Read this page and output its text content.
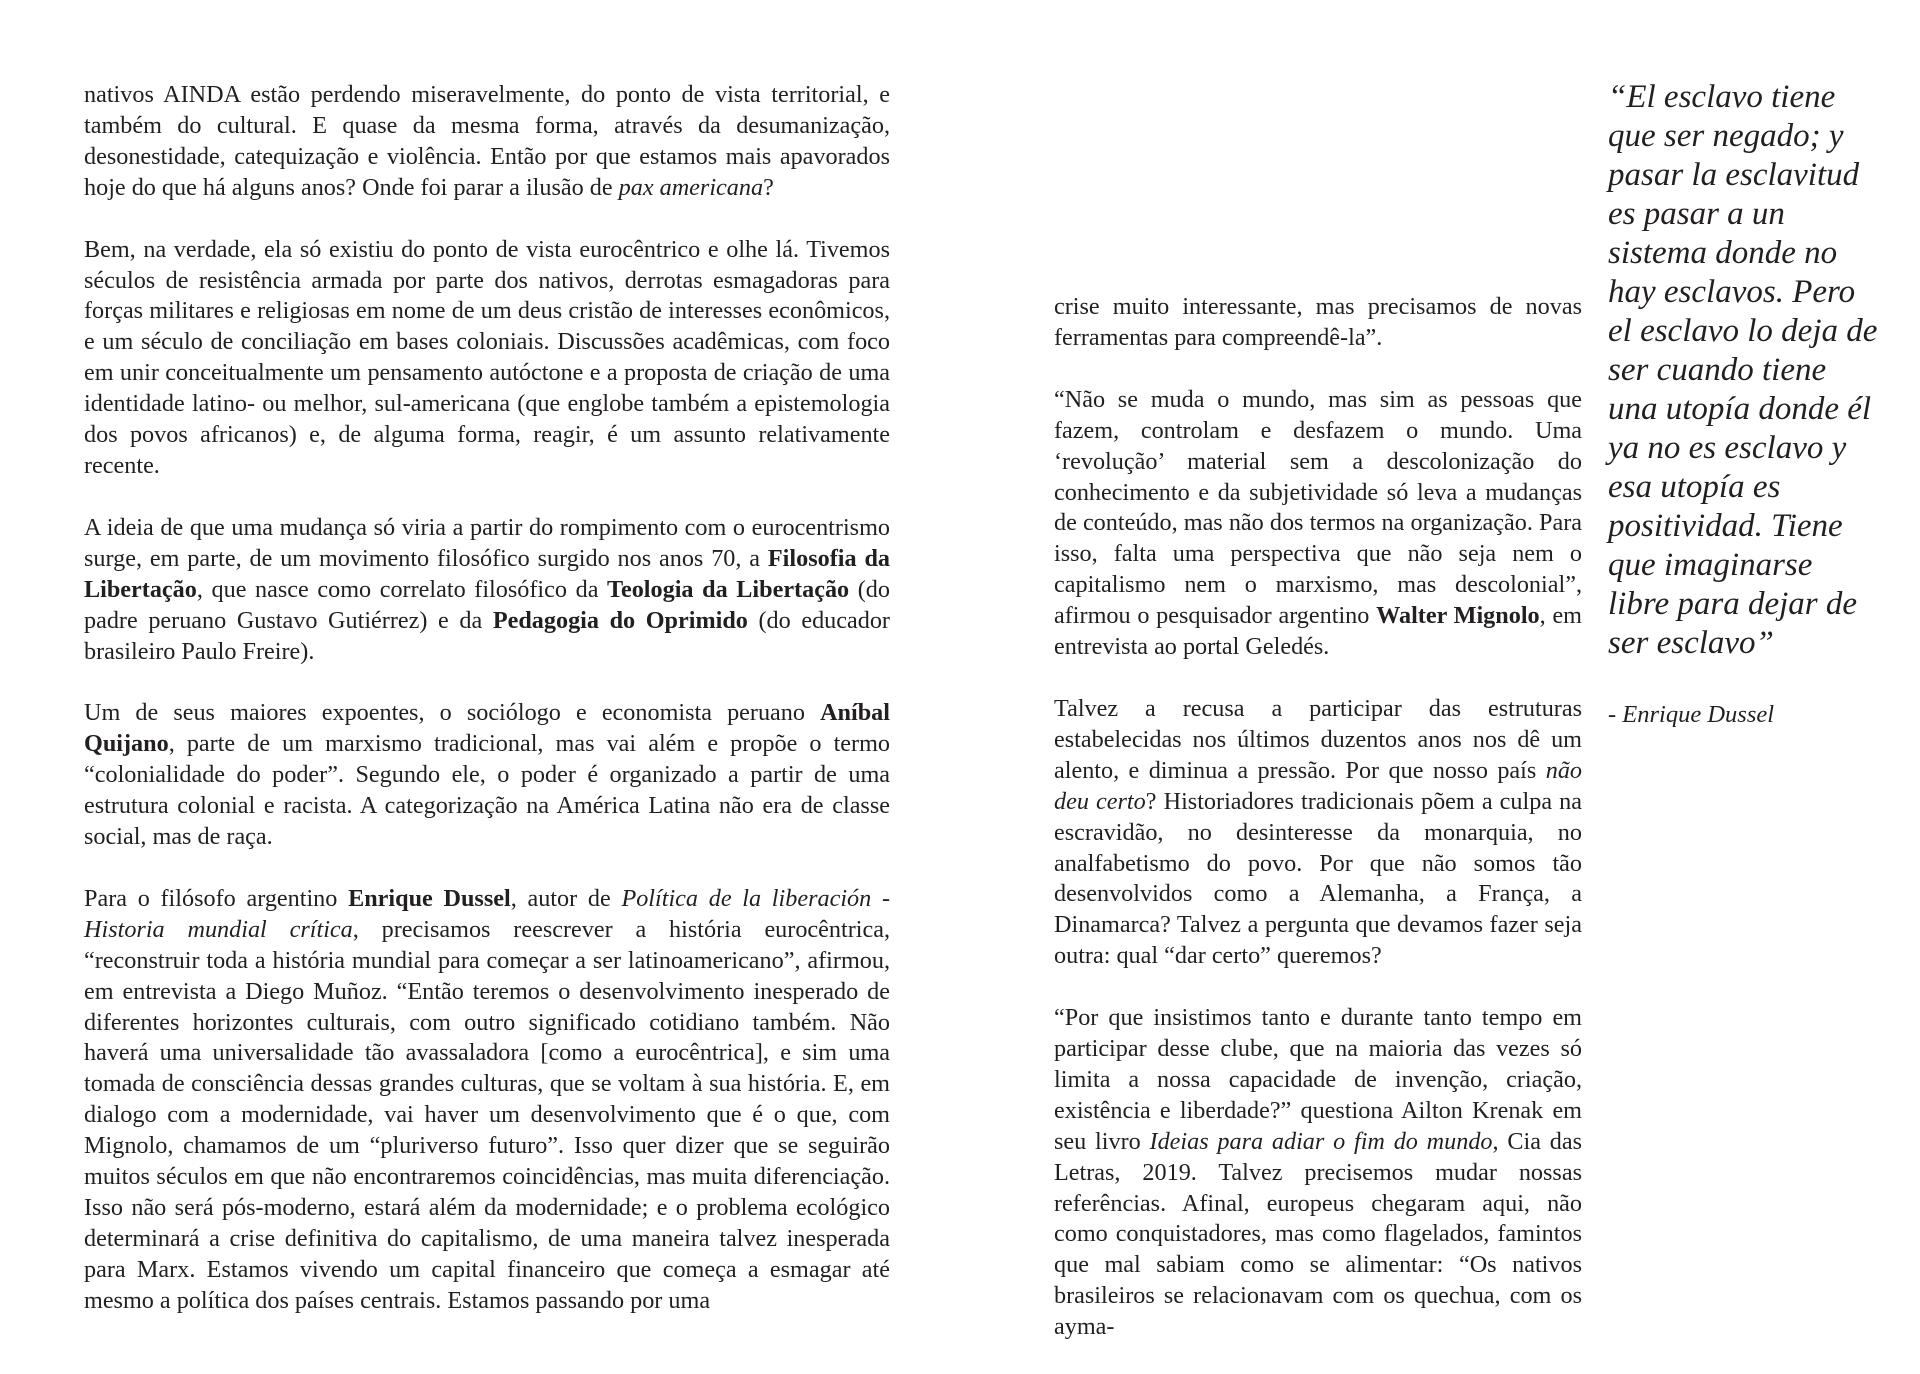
nativos AINDA estão perdendo miseravelmente, do ponto de vista territorial, e também do cultural. E quase da mesma forma, através da desumanização, desonestidade, catequização e violência. Então por que estamos mais apavorados hoje do que há alguns anos? Onde foi parar a ilusão de pax americana?

Bem, na verdade, ela só existiu do ponto de vista eurocêntrico e olhe lá. Tivemos séculos de resistência armada por parte dos nativos, derrotas esmagadoras para forças militares e religiosas em nome de um deus cristão de interesses econômicos, e um século de conciliação em bases coloniais. Discussões acadêmicas, com foco em unir conceitualmente um pensamento autóctone e a proposta de criação de uma identidade latino- ou melhor, sul-americana (que englobe também a epistemologia dos povos africanos) e, de alguma forma, reagir, é um assunto relativamente recente.

A ideia de que uma mudança só viria a partir do rompimento com o eurocentrismo surge, em parte, de um movimento filosófico surgido nos anos 70, a Filosofia da Libertação, que nasce como correlato filosófico da Teologia da Libertação (do padre peruano Gustavo Gutiérrez) e da Pedagogia do Oprimido (do educador brasileiro Paulo Freire).

Um de seus maiores expoentes, o sociólogo e economista peruano Aníbal Quijano, parte de um marxismo tradicional, mas vai além e propõe o termo “colonialidade do poder”. Segundo ele, o poder é organizado a partir de uma estrutura colonial e racista. A categorização na América Latina não era de classe social, mas de raça.

Para o filósofo argentino Enrique Dussel, autor de Política de la liberación - Historia mundial crítica, precisamos reescrever a história eurocêntrica, “reconstruir toda a história mundial para começar a ser latinoamericano”, afirmou, em entrevista a Diego Muñoz. “Então teremos o desenvolvimento inesperado de diferentes horizontes culturais, com outro significado cotidiano também. Não haverá uma universalidade tão avassaladora [como a eurocêntrica], e sim uma tomada de consciência dessas grandes culturas, que se voltam à sua história. E, em dialogo com a modernidade, vai haver um desenvolvimento que é o que, com Mignolo, chamamos de um “pluriverso futuro”. Isso quer dizer que se seguirão muitos séculos em que não encontraremos coincidências, mas muita diferenciação. Isso não será pós-moderno, estará além da modernidade; e o problema ecológico determinará a crise definitiva do capitalismo, de uma maneira talvez inesperada para Marx. Estamos vivendo um capital financeiro que começa a esmagar até mesmo a política dos países centrais. Estamos passando por uma

crise muito interessante, mas precisamos de novas ferramentas para compreendê-la”.

“Não se muda o mundo, mas sim as pessoas que fazem, controlam e desfazem o mundo. Uma ‘revolução’ material sem a descolonização do conhecimento e da subjetividade só leva a mudanças de conteúdo, mas não dos termos na organização. Para isso, falta uma perspectiva que não seja nem o capitalismo nem o marxismo, mas descolonial”, afirmou o pesquisador argentino Walter Mignolo, em entrevista ao portal Geledés.

Talvez a recusa a participar das estruturas estabelecidas nos últimos duzentos anos nos dê um alento, e diminua a pressão. Por que nosso país não deu certo? Historiadores tradicionais põem a culpa na escravidão, no desinteresse da monarquia, no analfabetismo do povo. Por que não somos tão desenvolvidos como a Alemanha, a França, a Dinamarca? Talvez a pergunta que devamos fazer seja outra: qual “dar certo” queremos?

“Por que insistimos tanto e durante tanto tempo em participar desse clube, que na maioria das vezes só limita a nossa capacidade de invenção, criação, existência e liberdade?” questiona Ailton Krenak em seu livro Ideias para adiar o fim do mundo, Cia das Letras, 2019. Talvez precisemos mudar nossas referências. Afinal, europeus chegaram aqui, não como conquistadores, mas como flagelados, famintos que mal sabiam como se alimentar: “Os nativos brasileiros se relacionavam com os quechua, com os ayma-

“El esclavo tiene que ser negado; y pasar la esclavitud es pasar a un sistema donde no hay esclavos. Pero el esclavo lo deja de ser cuando tiene una utopía donde él ya no es esclavo y esa utopía es positividad. Tiene que imaginarse libre para dejar de ser esclavo”

- Enrique Dussel
